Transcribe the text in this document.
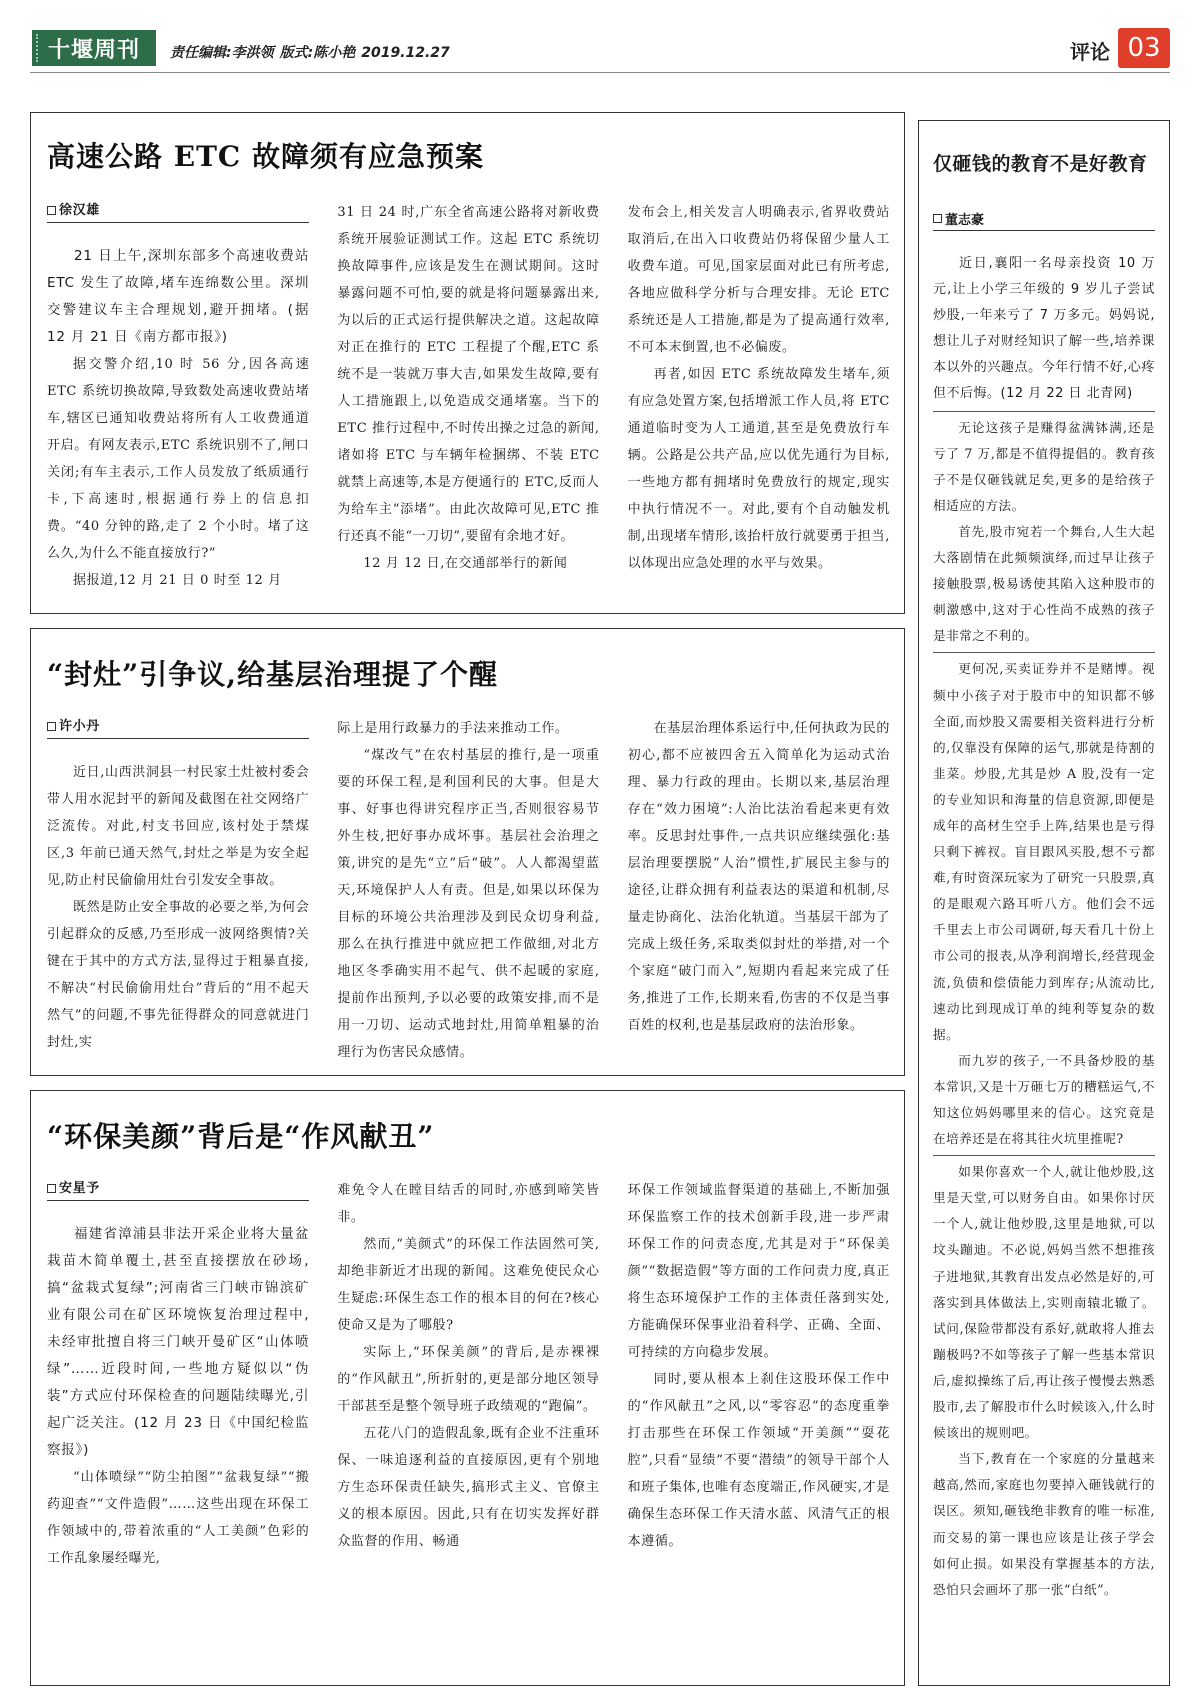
十堰周刊 责任编辑:李洪领 版式:陈小艳 2019.12.27	评论 03
高速公路 ETC 故障须有应急预案
徐汉雄

21 日上午,深圳东部多个高速收费站 ETC 发生了故障,堵车连绵数公里。深圳交警建议车主合理规划,避开拥堵。(据 12 月 21 日《南方都市报》)

据交警介绍,10 时 56 分,因各高速 ETC 系统切换故障,导致数处高速收费站堵车,辖区已通知收费站将所有人工收费通道开启。有网友表示,ETC 系统识别不了,闸口关闭;有车主表示,工作人员发放了纸质通行卡,下高速时,根据通行券上的信息扣费。“40 分钟的路,走了 2 个小时。堵了这么久,为什么不能直接放行?”

据报道,12 月 21 日 0 时至 12 月

31 日 24 时,广东全省高速公路将对新收费系统开展验证测试工作。这起 ETC 系统切换故障事件,应该是发生在测试期间。这时暴露问题不可怕,要的就是将问题暴露出来,为以后的正式运行提供解决之道。这起故障对正在推行的 ETC 工程提了个醒,ETC 系统不是一装就万事大吉,如果发生故障,要有人工措施跟上,以免造成交通堵塞。当下的 ETC 推行过程中,不时传出操之过急的新闻,诸如将 ETC 与车辆年检捆绑、不装 ETC 就禁上高速等,本是方便通行的 ETC,反而人为给车主“添堵”。由此次故障可见,ETC 推行还真不能“一刀切”,要留有余地才好。

12 月 12 日,在交通部举行的新闻

发布会上,相关发言人明确表示,省界收费站取消后,在出入口收费站仍将保留少量人工收费车道。可见,国家层面对此已有所考虑,各地应做科学分析与合理安排。无论 ETC 系统还是人工措施,都是为了提高通行效率,不可本末倒置,也不必偏废。

再者,如因 ETC 系统故障发生堵车,须有应急处置方案,包括增派工作人员,将 ETC 通道临时变为人工通道,甚至是免费放行车辆。公路是公共产品,应以优先通行为目标,一些地方都有拥堵时免费放行的规定,现实中执行情况不一。对此,要有个自动触发机制,出现堵车情形,该抬杆放行就要勇于担当,以体现出应急处理的水平与效果。

“封灶”引争议,给基层治理提了个醒
许小丹

近日,山西洪洞县一村民家土灶被村委会带人用水泥封平的新闻及截图在社交网络广泛流传。对此,村支书回应,该村处于禁煤区,3 年前已通天然气,封灶之举是为安全起见,防止村民偷偷用灶台引发安全事故。

既然是防止安全事故的必要之举,为何会引起群众的反感,乃至形成一波网络舆情?关键在于其中的方式方法,显得过于粗暴直接,不解决“村民偷偷用灶台”背后的“用不起天然气”的问题,不事先征得群众的同意就进门封灶,实

际上是用行政暴力的手法来推动工作。

“煤改气”在农村基层的推行,是一项重要的环保工程,是利国利民的大事。但是大事、好事也得讲究程序正当,否则很容易节外生枝,把好事办成坏事。基层社会治理之策,讲究的是先“立”后“破”。人人都渴望蓝天,环境保护人人有责。但是,如果以环保为目标的环境公共治理涉及到民众切身利益,那么在执行推进中就应把工作做细,对北方地区冬季确实用不起气、供不起暖的家庭,提前作出预判,予以必要的政策安排,而不是用一刀切、运动式地封灶,用简单粗暴的治理行为伤害民众感情。

在基层治理体系运行中,任何执政为民的初心,都不应被四舍五入简单化为运动式治理、暴力行政的理由。长期以来,基层治理存在“效力困境”:人治比法治看起来更有效率。反思封灶事件,一点共识应继续强化:基层治理要摆脱“人治”惯性,扩展民主参与的途径,让群众拥有利益表达的渠道和机制,尽量走协商化、法治化轨道。当基层干部为了完成上级任务,采取类似封灶的举措,对一个个家庭“破门而入”,短期内看起来完成了任务,推进了工作,长期来看,伤害的不仅是当事百姓的权利,也是基层政府的法治形象。

“环保美颜”背后是“作风献丑”
安星予

福建省漳浦县非法开采企业将大量盆栽苗木简单覆土,甚至直接摆放在砂场,搞“盆栽式复绿”;河南省三门峡市锦滨矿业有限公司在矿区环境恢复治理过程中,未经审批擅自将三门峡开曼矿区“山体喷绿”……近段时间,一些地方疑似以“伪装”方式应付环保检查的问题陆续曝光,引起广泛关注。(12 月 23 日《中国纪检监察报》)

“山体喷绿”“防尘拍图”“盆栽复绿”“搬药迎查”“文件造假”……这些出现在环保工作领域中的,带着浓重的“人工美颜”色彩的工作乱象屡经曝光,

难免令人在瞠目结舌的同时,亦感到啼笑皆非。

然而,“美颜式”的环保工作法固然可笑,却绝非新近才出现的新闻。这难免使民众心生疑虑:环保生态工作的根本目的何在?核心使命又是为了哪般?

实际上,“环保美颜”的背后,是赤裸裸的“作风献丑”,所折射的,更是部分地区领导干部甚至是整个领导班子政绩观的“跑偏”。

五花八门的造假乱象,既有企业不注重环保、一味追逐利益的直接原因,更有个别地方生态环保责任缺失,搞形式主义、官僚主义的根本原因。因此,只有在切实发挥好群众监督的作用、畅通

环保工作领域监督渠道的基础上,不断加强环保监察工作的技术创新手段,进一步严肃环保工作的问责态度,尤其是对于“环保美颜”“数据造假”等方面的工作问责力度,真正将生态环境保护工作的主体责任落到实处,方能确保环保事业沿着科学、正确、全面、可持续的方向稳步发展。

同时,要从根本上刹住这股环保工作中的“作风献丑”之风,以“零容忍”的态度重拳打击那些在环保工作领域“开美颜”“耍花腔”,只看“显绩”不要“潜绩”的领导干部个人和班子集体,也唯有态度端正,作风硬实,才是确保生态环保工作天清水蓝、风清气正的根本遵循。

仅砸钱的教育不是好教育
董志豪

近日,襄阳一名母亲投资 10 万元,让上小学三年级的 9 岁儿子尝试炒股,一年来亏了 7 万多元。妈妈说,想让儿子对财经知识了解一些,培养课本以外的兴趣点。今年行情不好,心疼但不后悔。(12 月 22 日 北青网)

无论这孩子是赚得盆满钵满,还是亏了 7 万,都是不值得提倡的。教育孩子不是仅砸钱就足矣,更多的是给孩子相适应的方法。

首先,股市宛若一个舞台,人生大起大落剧情在此频频演绎,而过早让孩子接触股票,极易诱使其陷入这种股市的刺激感中,这对于心性尚不成熟的孩子是非常之不利的。

更何况,买卖证券并不是赌博。视频中小孩子对于股市中的知识都不够全面,而炒股又需要相关资料进行分析的,仅靠没有保障的运气,那就是待割的韭菜。炒股,尤其是炒 A 股,没有一定的专业知识和海量的信息资源,即便是成年的高材生空手上阵,结果也是亏得只剩下裤衩。盲目跟风买股,想不亏都难,有时资深玩家为了研究一只股票,真的是眼观六路耳听八方。他们会不远千里去上市公司调研,每天看几十份上市公司的报表,从净利润增长,经营现金流,负债和偿债能力到库存;从流动比,速动比到现成订单的纯利等复杂的数据。

而九岁的孩子,一不具备炒股的基本常识,又是十万砸七万的糟糕运气,不知这位妈妈哪里来的信心。这究竟是在培养还是在将其往火坑里推呢?

如果你喜欢一个人,就让他炒股,这里是天堂,可以财务自由。如果你讨厌一个人,就让他炒股,这里是地狱,可以坟头蹦迪。不必说,妈妈当然不想推孩子进地狱,其教育出发点必然是好的,可落实到具体做法上,实则南辕北辙了。试问,保险带都没有系好,就敢将人推去蹦极吗?不如等孩子了解一些基本常识后,虚拟操练了后,再让孩子慢慢去熟悉股市,去了解股市什么时候该入,什么时候该出的规则吧。

当下,教育在一个家庭的分量越来越高,然而,家庭也勿要掉入砸钱就行的误区。须知,砸钱绝非教育的唯一标准,而交易的第一课也应该是让孩子学会如何止损。如果没有掌握基本的方法,恐怕只会画坏了那一张“白纸”。
